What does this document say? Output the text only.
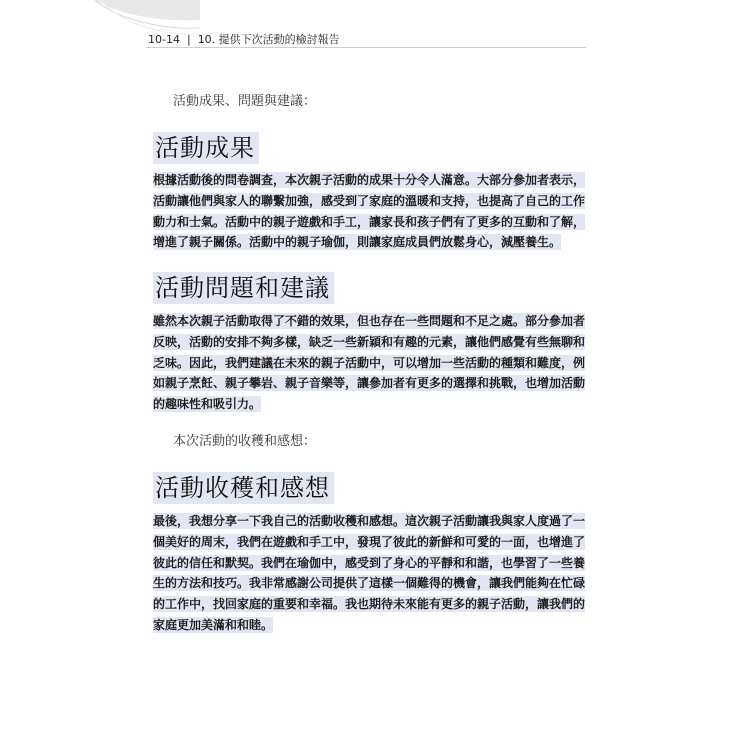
10-14 | 10. 提供下次活動的檢討報告
活動成果、問題與建議：
活動成果

根據活動後的問卷調查，本次親子活動的成果十分令人滿意。大部分參加者表示，活動讓他們與家人的聯繫加強，感受到了家庭的溫暖和支持，也提高了自己的工作動力和士氣。活動中的親子遊戲和手工，讓家長和孩子們有了更多的互動和了解，增進了親子關係。活動中的親子瑜伽，則讓家庭成員們放鬆身心，減壓養生。

活動問題和建議

雖然本次親子活動取得了不錯的效果，但也存在一些問題和不足之處。部分參加者反映，活動的安排不夠多樣，缺乏一些新穎和有趣的元素，讓他們感覺有些無聊和乏味。因此，我們建議在未來的親子活動中，可以增加一些活動的種類和難度，例如親子烹飪、親子攀岩、親子音樂等，讓參加者有更多的選擇和挑戰，也增加活動的趣味性和吸引力。

本次活動的收穫和感想：
活動收穫和感想

最後，我想分享一下我自己的活動收穫和感想。這次親子活動讓我與家人度過了一個美好的周末，我們在遊戲和手工中，發現了彼此的新鮮和可愛的一面，也增進了彼此的信任和默契。我們在瑜伽中，感受到了身心的平靜和和諧，也學習了一些養生的方法和技巧。我非常感謝公司提供了這樣一個難得的機會，讓我們能夠在忙碌的工作中，找回家庭的重要和幸福。我也期待未來能有更多的親子活動，讓我們的家庭更加美滿和和睦。
